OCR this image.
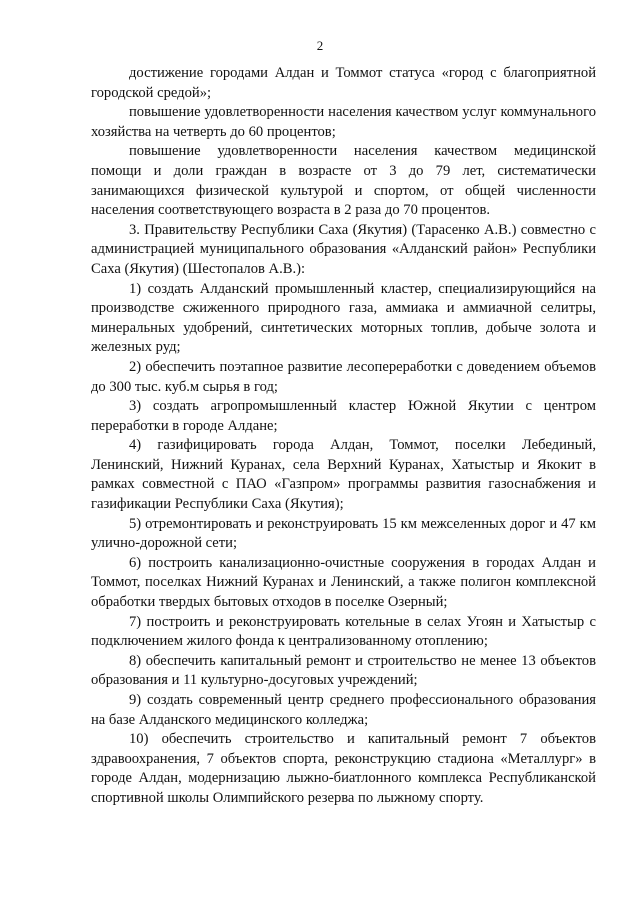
2

достижение городами Алдан и Томмот статуса «город с благоприятной городской средой»;

повышение удовлетворенности населения качеством услуг коммунального хозяйства на четверть до 60 процентов;

повышение удовлетворенности населения качеством медицинской помощи и доли граждан в возрасте от 3 до 79 лет, систематически занимающихся физической культурой и спортом, от общей численности населения соответствующего возраста в 2 раза до 70 процентов.

3. Правительству Республики Саха (Якутия) (Тарасенко А.В.) совместно с администрацией муниципального образования «Алданский район» Республики Саха (Якутия) (Шестопалов А.В.):

1) создать Алданский промышленный кластер, специализирующийся на производстве сжиженного природного газа, аммиака и аммиачной селитры, минеральных удобрений, синтетических моторных топлив, добыче золота и железных руд;

2) обеспечить поэтапное развитие лесопереработки с доведением объемов до 300 тыс. куб.м сырья в год;

3) создать агропромышленный кластер Южной Якутии с центром переработки в городе Алдане;

4) газифицировать города Алдан, Томмот, поселки Лебединый, Ленинский, Нижний Куранах, села Верхний Куранах, Хатыстыр и Якокит в рамках совместной с ПАО «Газпром» программы развития газоснабжения и газификации Республики Саха (Якутия);

5) отремонтировать и реконструировать 15 км межселенных дорог и 47 км улично-дорожной сети;

6) построить канализационно-очистные сооружения в городах Алдан и Томмот, поселках Нижний Куранах и Ленинский, а также полигон комплексной обработки твердых бытовых отходов в поселке Озерный;

7) построить и реконструировать котельные в селах Угоян и Хатыстыр с подключением жилого фонда к централизованному отоплению;

8) обеспечить капитальный ремонт и строительство не менее 13 объектов образования и 11 культурно-досуговых учреждений;

9) создать современный центр среднего профессионального образования на базе Алданского медицинского колледжа;

10) обеспечить строительство и капитальный ремонт 7 объектов здравоохранения, 7 объектов спорта, реконструкцию стадиона «Металлург» в городе Алдан, модернизацию лыжно-биатлонного комплекса Республиканской спортивной школы Олимпийского резерва по лыжному спорту.
